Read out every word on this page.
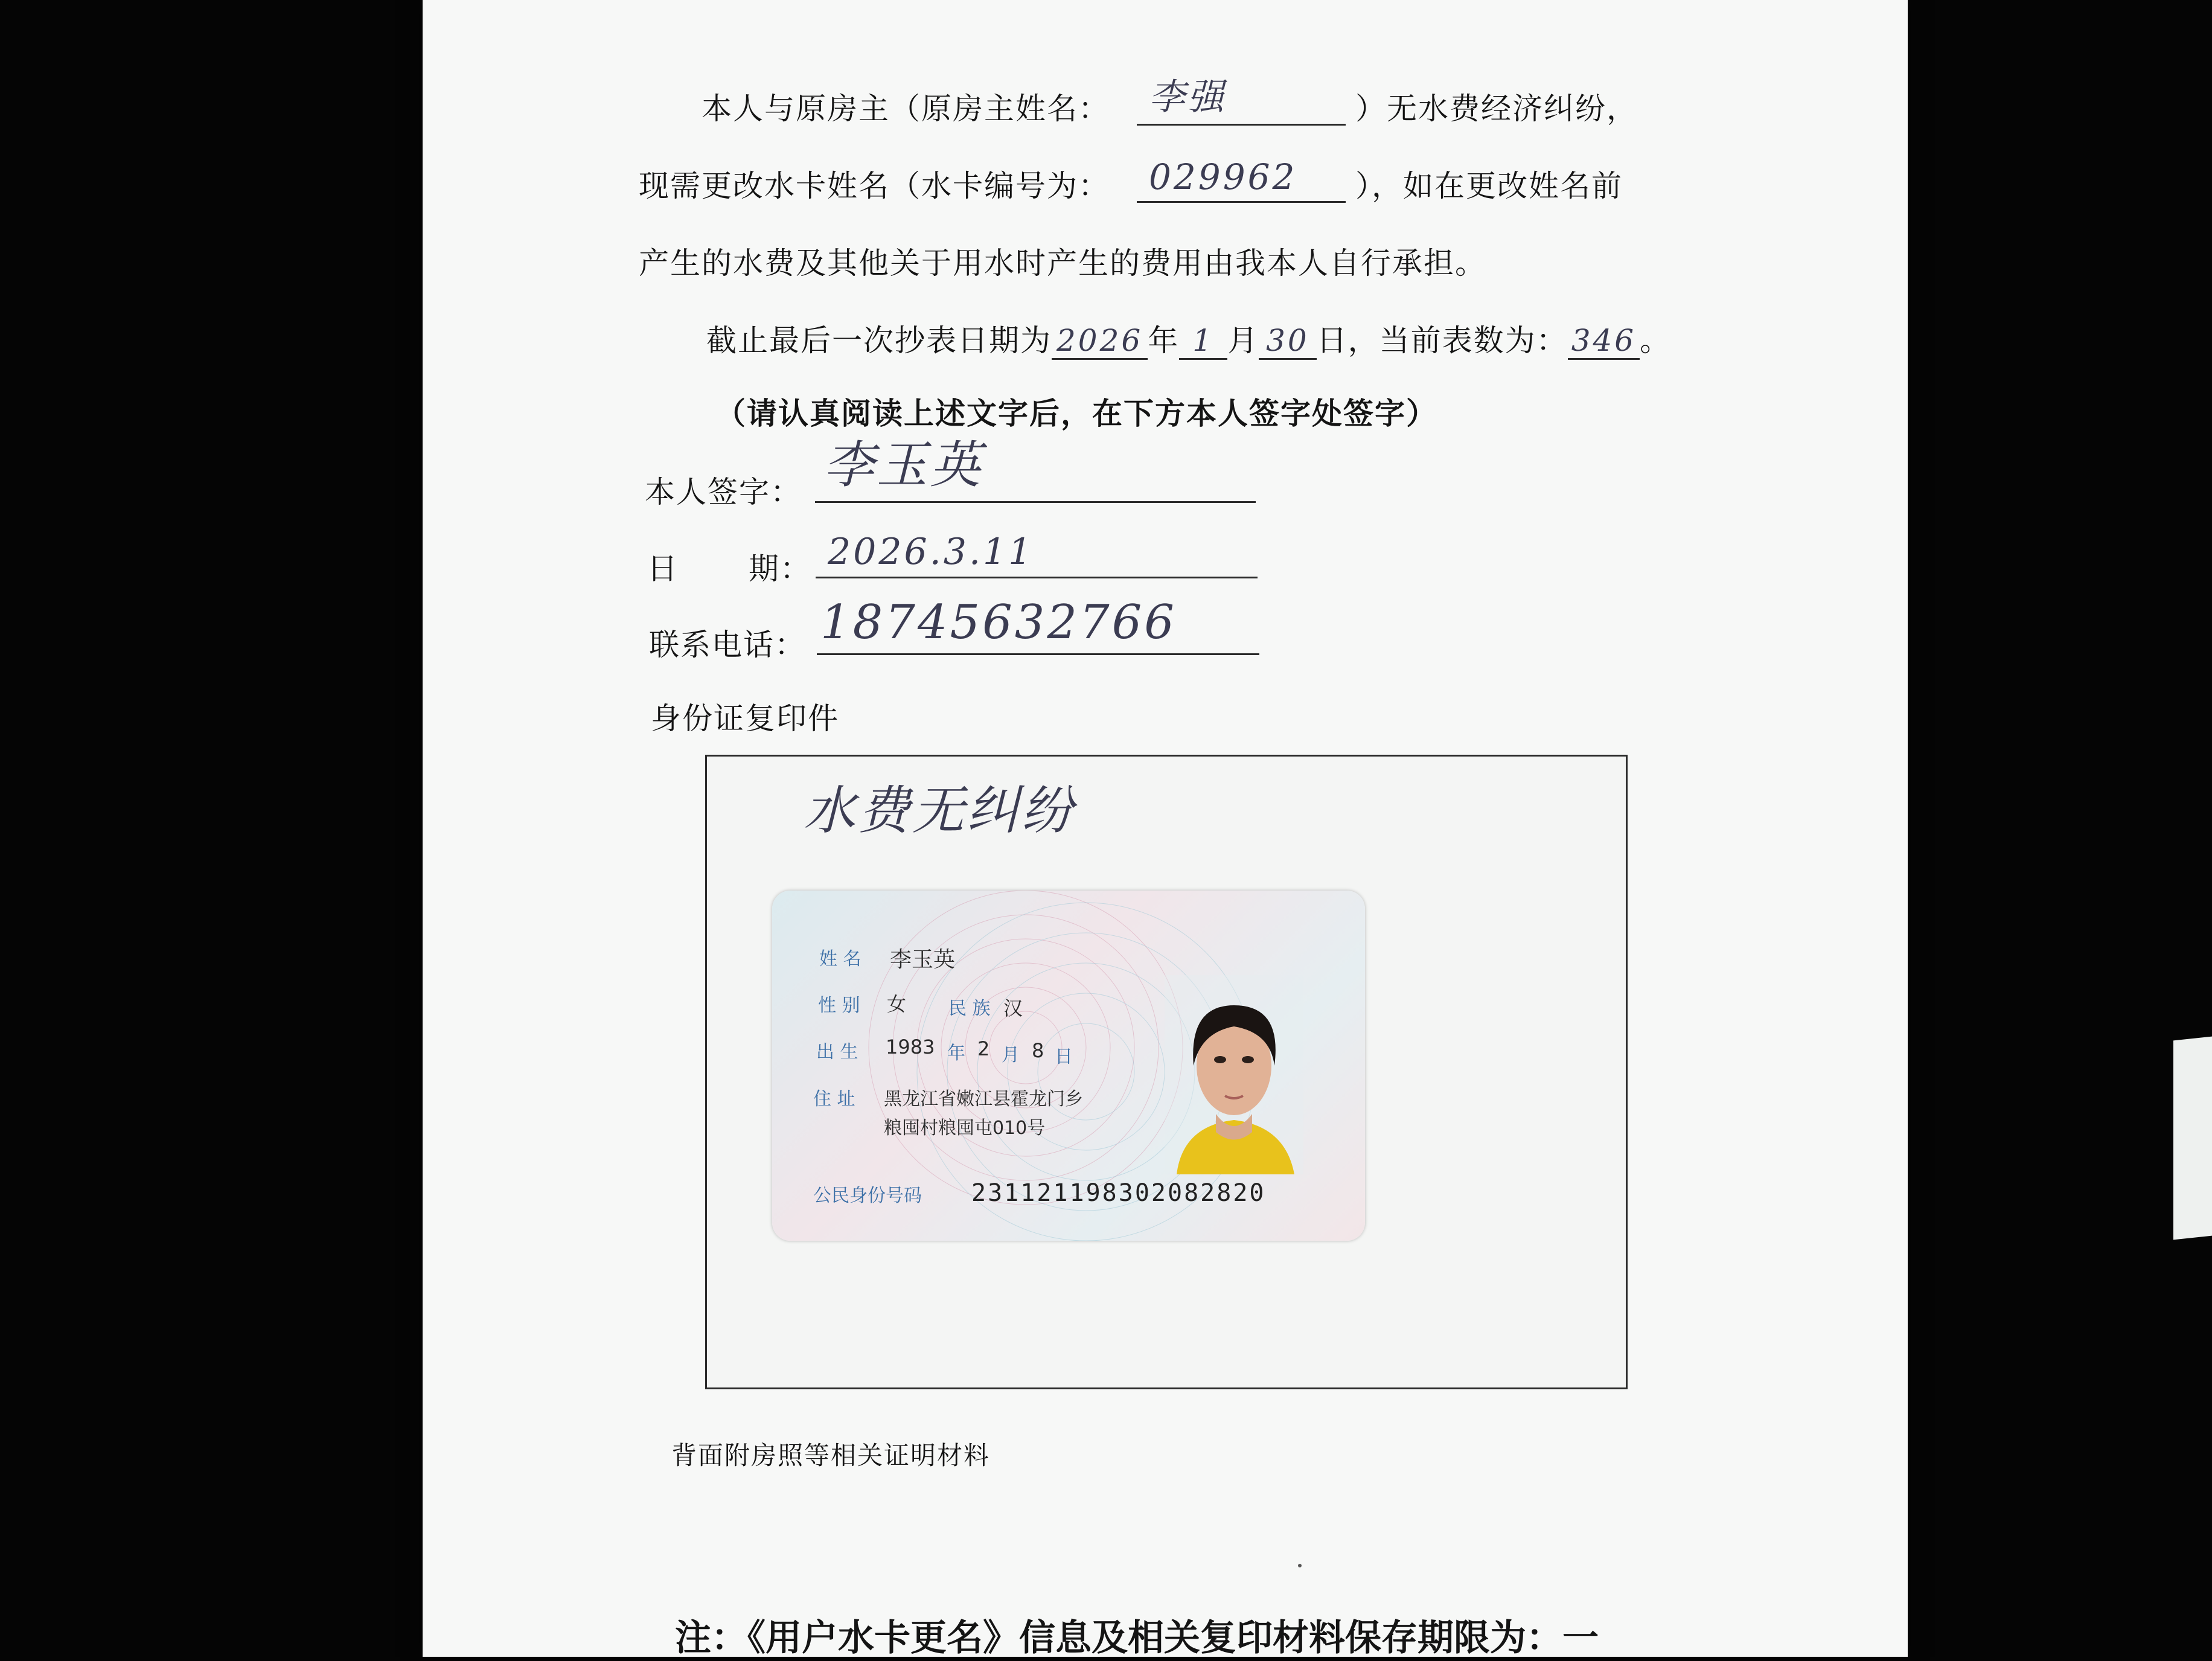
本人与原房主（原房主姓名： 李强	）无水费经济纠纷，
现需更改水卡姓名（水卡编号为： 029962 ），如在更改姓名前
产生的水费及其他关于用水时产生的费用由我本人自行承担。
截止最后一次抄表日期为 2026 年 1 月 30 日，当前表数为： 346 。
（请认真阅读上述文字后，在下方本人签字处签字）
本人签字： 李玉英
日 期： 2026.3.11
联系电话： 18745632766
身份证复印件
水费无纠纷
姓 名 李玉英
性 别 女 民 族 汉
出 生 1983 年 2 月 8 日
住 址 黑龙江省嫩江县霍龙门乡
粮囤村粮囤屯010号
公民身份号码 231121198302082820
背面附房照等相关证明材料
注：《用户水卡更名》信息及相关复印材料保存期限为：一
